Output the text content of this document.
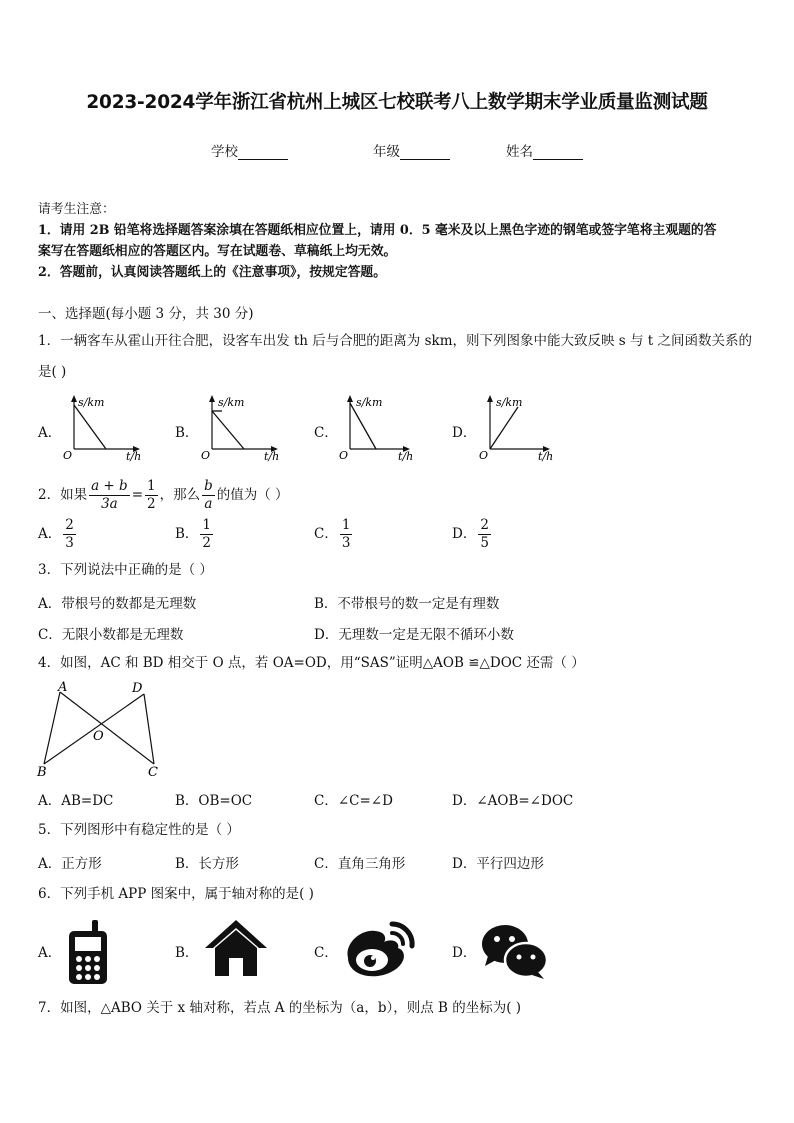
2023-2024学年浙江省杭州上城区七校联考八上数学期末学业质量监测试题
学校	年级	姓名
请考生注意：
1．请用 2B 铅笔将选择题答案涂填在答题纸相应位置上，请用 0．5 毫米及以上黑色字迹的钢笔或签字笔将主观题的答
案写在答题纸相应的答题区内。写在试题卷、草稿纸上均无效。
2．答题前，认真阅读答题纸上的《注意事项》，按规定答题。
一、选择题(每小题 3 分，共 30 分)
1．一辆客车从霍山开往合肥，设客车出发 th 后与合肥的距离为 skm，则下列图象中能大致反映 s 与 t 之间函数关系的
是( )
A．
s/km
t/h
O
B．
s/km
t/h
O
C．
s/km
t/h
O
D．
s/km
t/h
O
2．如果 $\frac{a + b}{3a} = \frac{1}{2}$ ，那么 $\frac{b}{a}$ 的值为（ ）
A． $\frac{2}{3}$	B． $\frac{1}{2}$	C． $\frac{1}{3}$	D． $\frac{2}{5}$
3．下列说法中正确的是（ ）
A．带根号的数都是无理数	B．不带根号的数一定是有理数
C．无限小数都是无理数	D．无理数一定是无限不循环小数
4．如图，AC 和 BD 相交于 O 点，若 OA=OD，用“SAS”证明△AOB ≌△DOC 还需（ ）
A	D
O
B	C
A．AB=DC	B．OB=OC	C．∠C=∠D	D．∠AOB=∠DOC
5．下列图形中有稳定性的是（ ）
A．正方形	B．长方形	C．直角三角形	D．平行四边形
6．下列手机 APP 图案中，属于轴对称的是( )
A．	B．	C．	D．
7．如图，△ABO 关于 x 轴对称，若点 A 的坐标为（a，b），则点 B 的坐标为( )
